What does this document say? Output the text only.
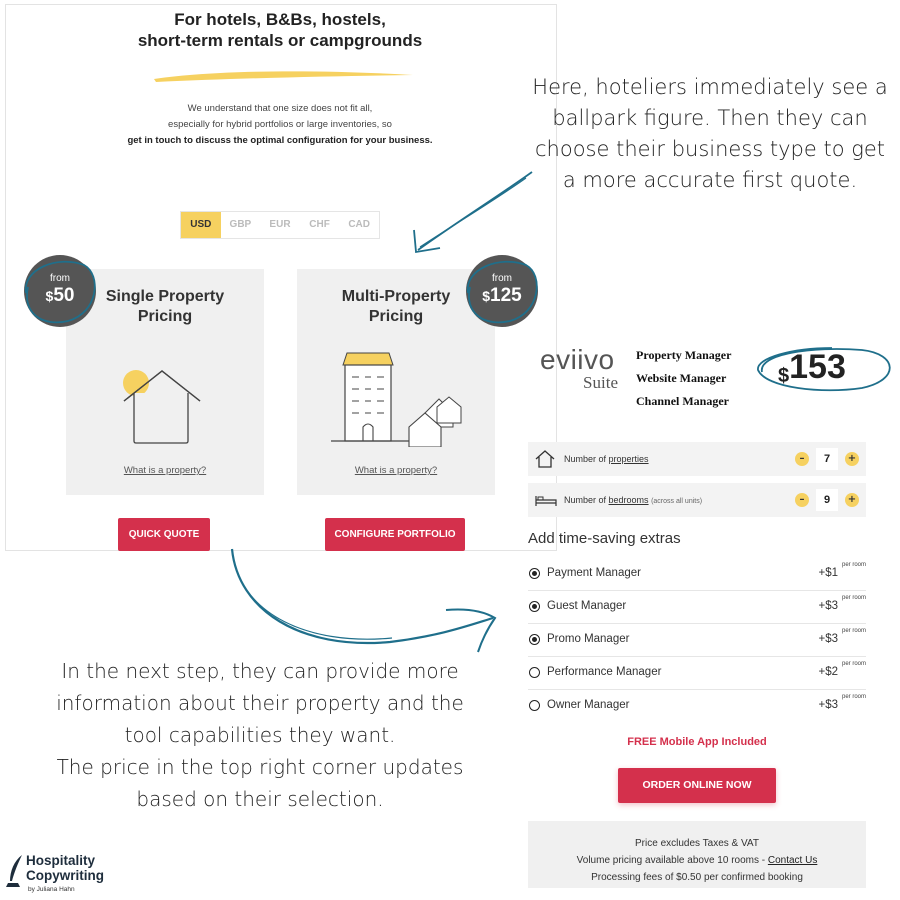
For hotels, B&Bs, hostels,
short-term rentals or campgrounds
We understand that one size does not fit all,
especially for hybrid portfolios or large inventories, so
get in touch to discuss the optimal configuration for your business.
USD	GBP	EUR	CHF	CAD
Single Property
Pricing
What is a property?
Multi-Property
Pricing
What is a property?
from
$50
from
$125
QUICK QUOTE	CONFIGURE PORTFOLIO
Here, hoteliers immediately see a
ballpark figure. Then they can
choose their business type to get
a more accurate first quote.
In the next step, they can provide more
information about their property and the
tool capabilities they want.
The price in the top right corner updates
based on their selection.
eviivo
Suite
Property Manager
Website Manager
Channel Manager
$153
Number of properties	–	7	+
Number of bedrooms (across all units)	–	9	+
Add time-saving extras
Payment Manager	+$1
per room
Guest Manager	+$3
per room
Promo Manager	+$3
per room
Performance Manager	+$2
per room
Owner Manager	+$3
per room
FREE Mobile App Included
ORDER ONLINE NOW
Price excludes Taxes & VAT
Volume pricing available above 10 rooms - Contact Us
Processing fees of $0.50 per confirmed booking
Hospitality
Copywriting
by Juliana Hahn
